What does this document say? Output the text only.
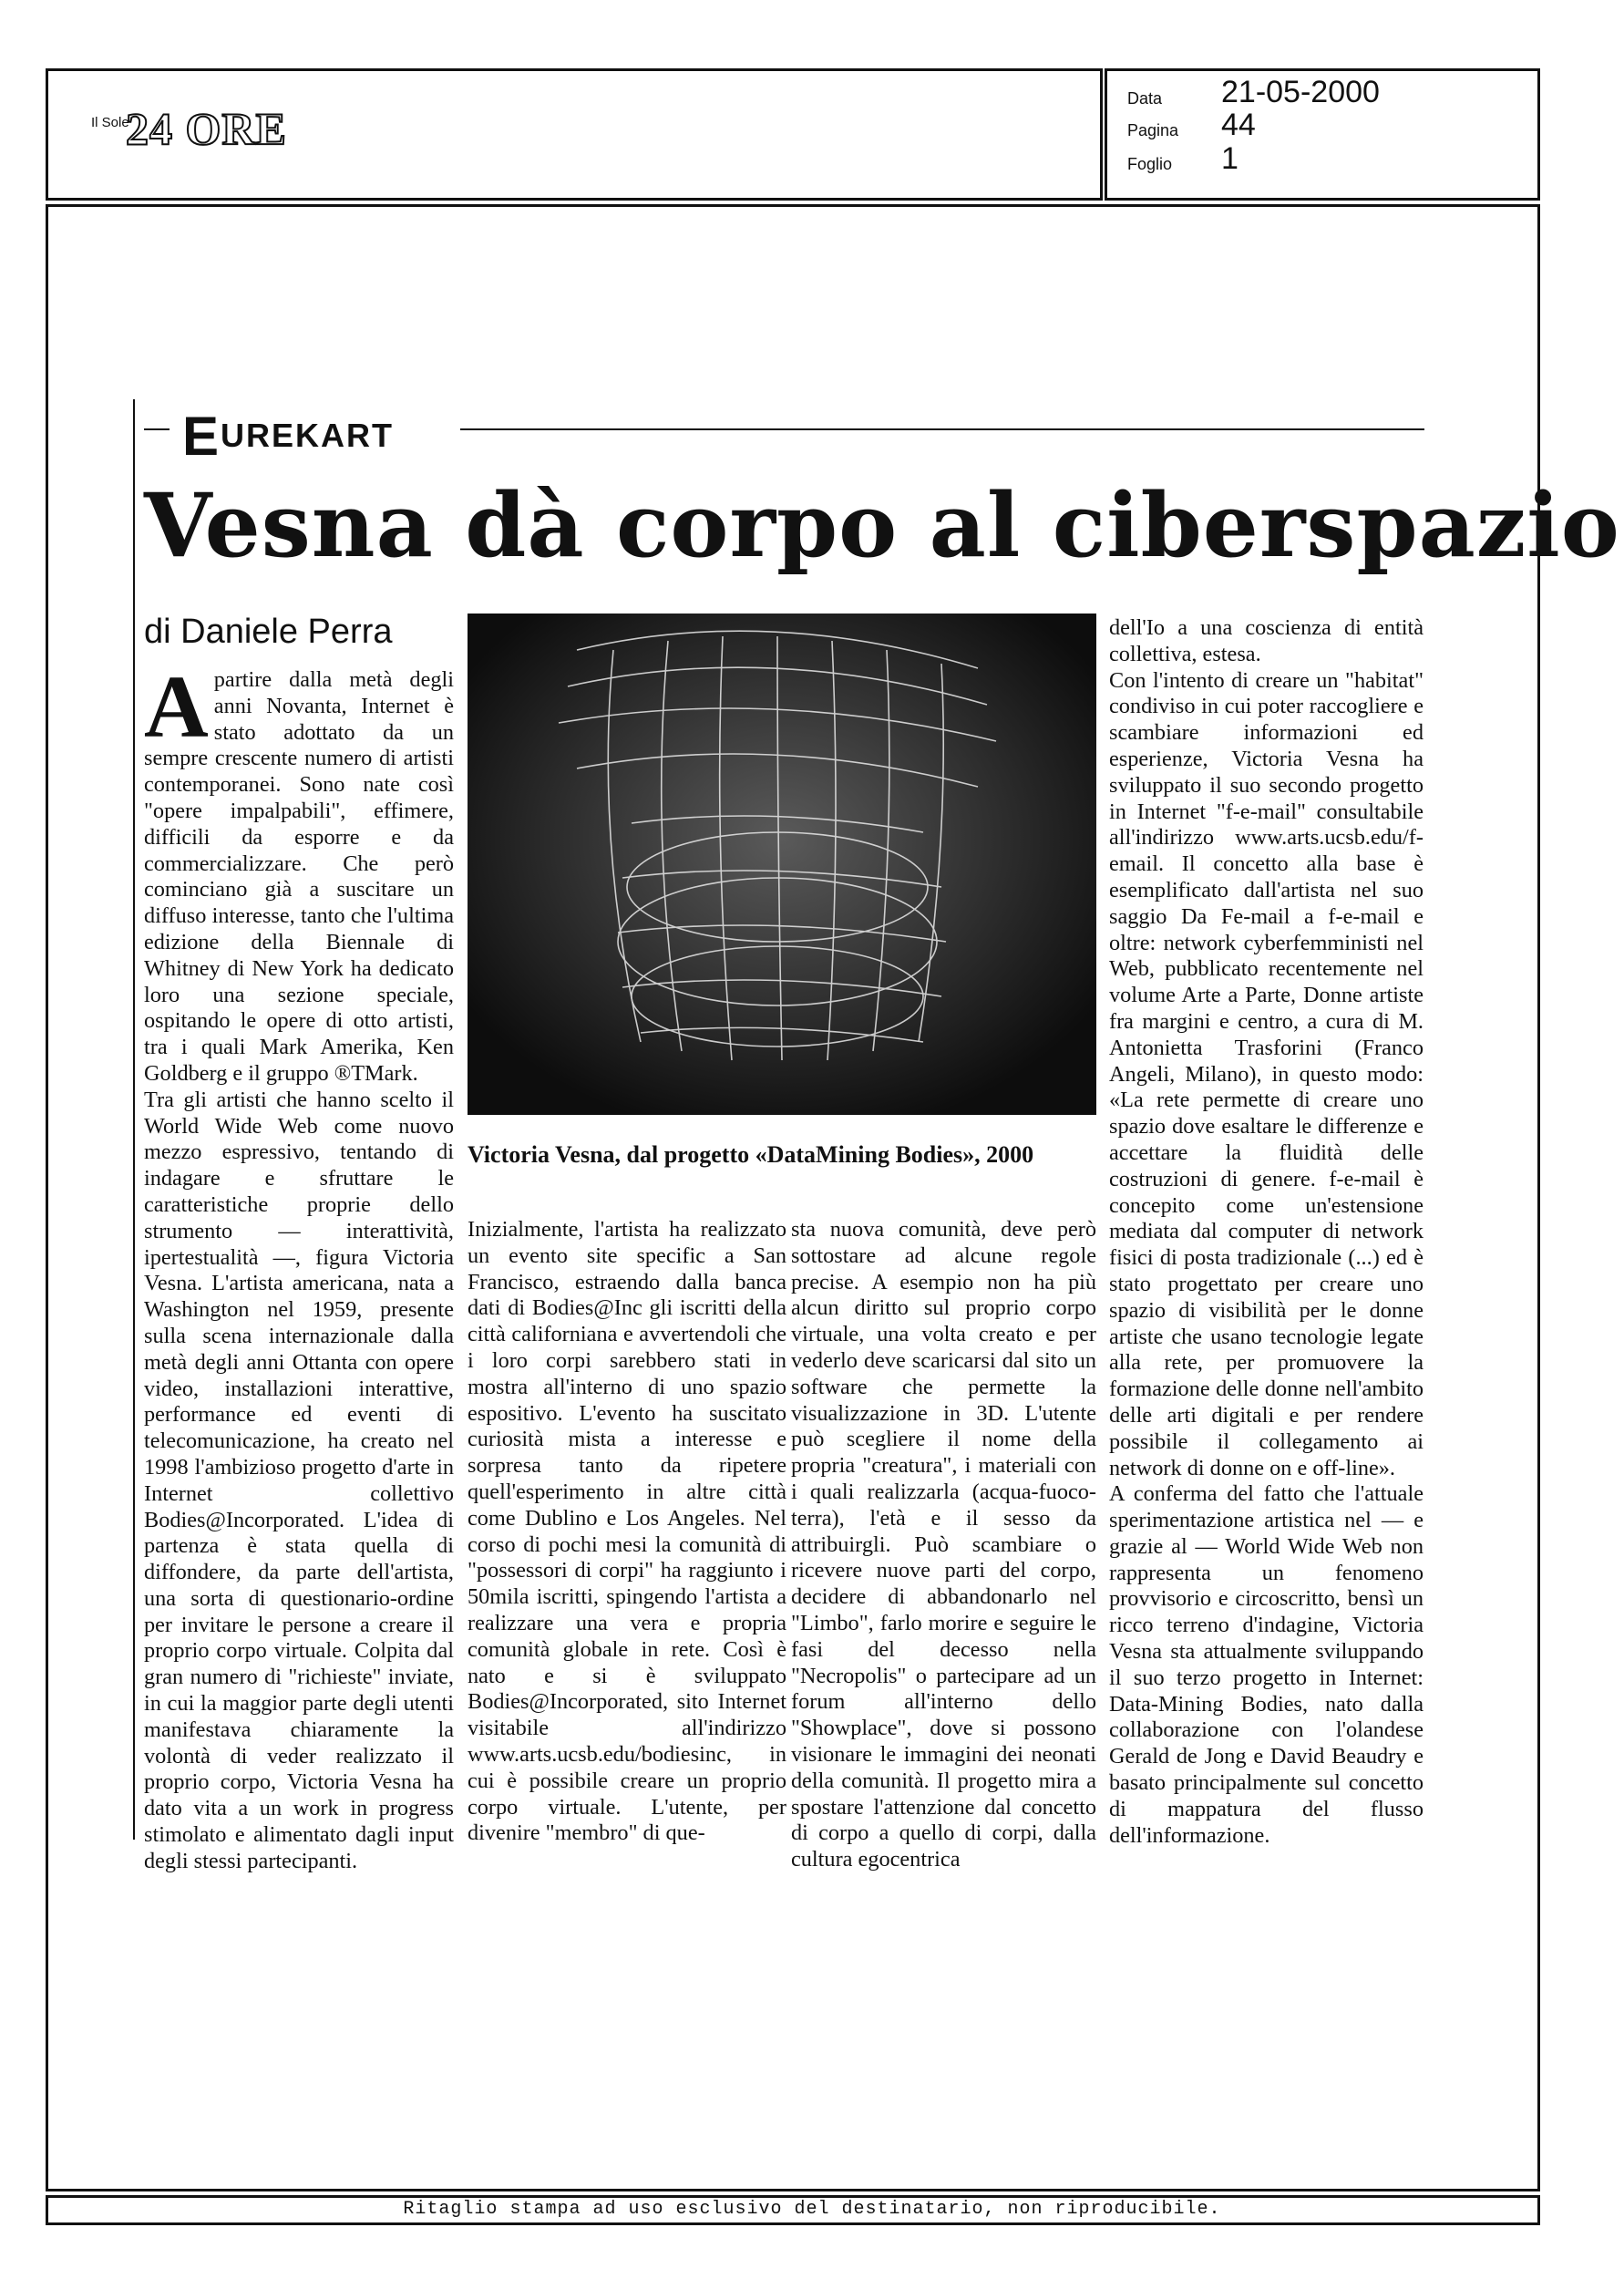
Il Sole
24 ORE
Data 21-05-2000
Pagina 44
Foglio 1
EUREKART
Vesna dà corpo al ciberspazio
di Daniele Perra
Apartire dalla metà degli anni Novanta, Internet è stato adottato da un sempre crescente numero di artisti contemporanei. Sono nate così "opere impalpabili", effimere, difficili da esporre e da commercializzare. Che però cominciano già a suscitare un diffuso interesse, tanto che l'ultima edizione della Biennale di Whitney di New York ha dedicato loro una sezione speciale, ospitando le opere di otto artisti, tra i quali Mark Amerika, Ken Goldberg e il gruppo ®TMark.
Tra gli artisti che hanno scelto il World Wide Web come nuovo mezzo espressivo, tentando di indagare e sfruttare le caratteristiche proprie dello strumento — interattività, ipertestualità —, figura Victoria Vesna. L'artista americana, nata a Washington nel 1959, presente sulla scena internazionale dalla metà degli anni Ottanta con opere video, installazioni interattive, performance ed eventi di telecomunicazione, ha creato nel 1998 l'ambizioso progetto d'arte in Internet collettivo Bodies@Incorporated. L'idea di partenza è stata quella di diffondere, da parte dell'artista, una sorta di questionario-ordine per invitare le persone a creare il proprio corpo virtuale. Colpita dal gran numero di "richieste" inviate, in cui la maggior parte degli utenti manifestava chiaramente la volontà di veder realizzato il proprio corpo, Victoria Vesna ha dato vita a un work in progress stimolato e alimentato dagli input degli stessi partecipanti.
Victoria Vesna, dal progetto «DataMining Bodies», 2000
Inizialmente, l'artista ha realizzato un evento site specific a San Francisco, estraendo dalla banca dati di Bodies@Inc gli iscritti della città californiana e avvertendoli che i loro corpi sarebbero stati in mostra all'interno di uno spazio espositivo. L'evento ha suscitato curiosità mista a interesse e sorpresa tanto da ripetere quell'esperimento in altre città come Dublino e Los Angeles. Nel corso di pochi mesi la comunità di "possessori di corpi" ha raggiunto i 50mila iscritti, spingendo l'artista a realizzare una vera e propria comunità globale in rete. Così è nato e si è sviluppato Bodies@Incorporated, sito Internet visitabile all'indirizzo www.arts.ucsb.edu/bodiesinc, in cui è possibile creare un proprio corpo virtuale. L'utente, per divenire "membro" di que-
sta nuova comunità, deve però sottostare ad alcune regole precise. A esempio non ha più alcun diritto sul proprio corpo virtuale, una volta creato e per vederlo deve scaricarsi dal sito un software che permette la visualizzazione in 3D. L'utente può scegliere il nome della propria "creatura", i materiali con i quali realizzarla (acqua-fuoco-terra), l'età e il sesso da attribuirgli. Può scambiare o ricevere nuove parti del corpo, decidere di abbandonarlo nel "Limbo", farlo morire e seguire le fasi del decesso nella "Necropolis" o partecipare ad un forum all'interno dello "Showplace", dove si possono visionare le immagini dei neonati della comunità. Il progetto mira a spostare l'attenzione dal concetto di corpo a quello di corpi, dalla cultura egocentrica
dell'Io a una coscienza di entità collettiva, estesa.
Con l'intento di creare un "habitat" condiviso in cui poter raccogliere e scambiare informazioni ed esperienze, Victoria Vesna ha sviluppato il suo secondo progetto in Internet "f-e-mail" consultabile all'indirizzo www.arts.ucsb.edu/f-email. Il concetto alla base è esemplificato dall'artista nel suo saggio Da Fe-mail a f-e-mail e oltre: network cyberfemministi nel Web, pubblicato recentemente nel volume Arte a Parte, Donne artiste fra margini e centro, a cura di M. Antonietta Trasforini (Franco Angeli, Milano), in questo modo: «La rete permette di creare uno spazio dove esaltare le differenze e accettare la fluidità delle costruzioni di genere. f-e-mail è concepito come un'estensione mediata dal computer di network fisici di posta tradizionale (...) ed è stato progettato per creare uno spazio di visibilità per le donne artiste che usano tecnologie legate alla rete, per promuovere la formazione delle donne nell'ambito delle arti digitali e per rendere possibile il collegamento ai network di donne on e off-line».
A conferma del fatto che l'attuale sperimentazione artistica nel — e grazie al — World Wide Web non rappresenta un fenomeno provvisorio e circoscritto, bensì un ricco terreno d'indagine, Victoria Vesna sta attualmente sviluppando il suo terzo progetto in Internet: Data-Mining Bodies, nato dalla collaborazione con l'olandese Gerald de Jong e David Beaudry e basato principalmente sul concetto di mappatura del flusso dell'informazione.
Ritaglio stampa ad uso esclusivo del destinatario, non riproducibile.
